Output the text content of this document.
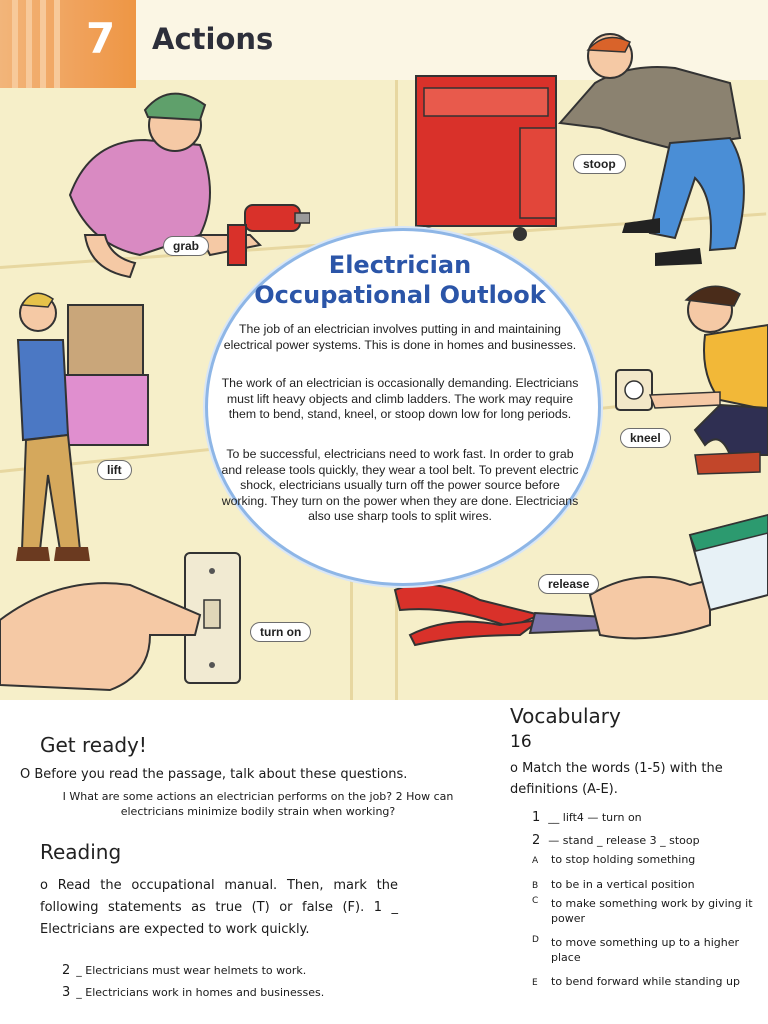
7 Actions
grab
stoop
lift
kneel
turn on
release
Electrician
Occupational Outlook
The job of an electrician involves putting in and maintaining electrical power systems. This is done in homes and businesses.
The work of an electrician is occasionally demanding. Electricians must lift heavy objects and climb ladders. The work may require them to bend, stand, kneel, or stoop down low for long periods.
To be successful, electricians need to work fast. In order to grab and release tools quickly, they wear a tool belt. To prevent electric shock, electricians usually turn off the power source before working. They turn on the power when they are done. Electricians also use sharp tools to split wires.
Get ready!
O Before you read the passage, talk about these questions.
I What are some actions an electrician performs on the job? 2 How can electricians minimize bodily strain when working?
Reading
o Read the occupational manual. Then, mark the following statements as true (T) or false (F). 1 _ Electricians are expected to work quickly.
2 _ Electricians must wear helmets to work.
3 _ Electricians work in homes and businesses.
Vocabulary
16
o Match the words (1-5) with the definitions (A-E).
1 __ lift4 — turn on
2 — stand _ release 3 _ stoop
A to stop holding something
B to be in a vertical position
C	to make something work by giving it power
D	to move something up to a higher place
E to bend forward while standing up
